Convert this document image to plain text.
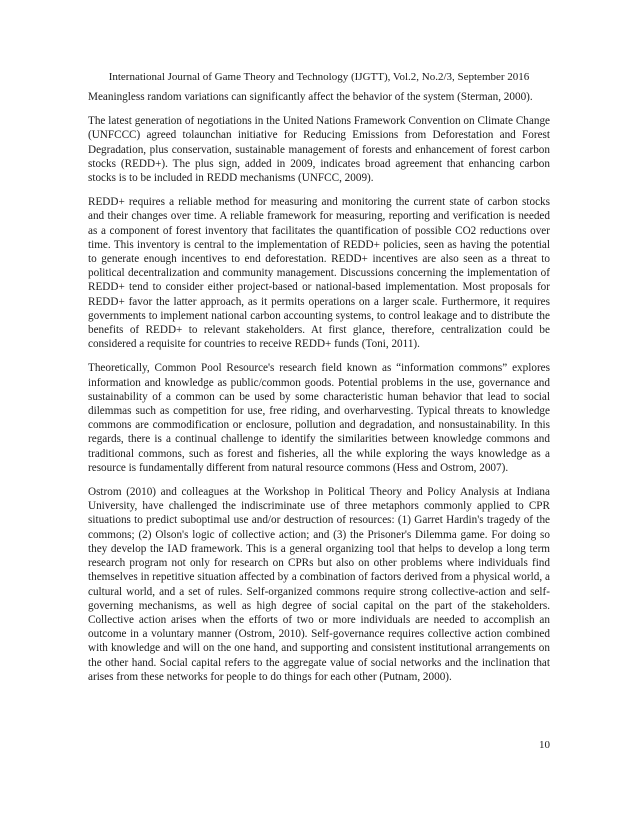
International Journal of Game Theory and Technology (IJGTT), Vol.2, No.2/3, September 2016

Meaningless random variations can significantly affect the behavior of the system (Sterman, 2000).

The latest generation of negotiations in the United Nations Framework Convention on Climate Change (UNFCCC) agreed tolaunchan initiative for Reducing Emissions from Deforestation and Forest Degradation, plus conservation, sustainable management of forests and enhancement of forest carbon stocks (REDD+). The plus sign, added in 2009, indicates broad agreement that enhancing carbon stocks is to be included in REDD mechanisms (UNFCC, 2009).

REDD+ requires a reliable method for measuring and monitoring the current state of carbon stocks and their changes over time. A reliable framework for measuring, reporting and verification is needed as a component of forest inventory that facilitates the quantification of possible CO2 reductions over time. This inventory is central to the implementation of REDD+ policies, seen as having the potential to generate enough incentives to end deforestation. REDD+ incentives are also seen as a threat to political decentralization and community management. Discussions concerning the implementation of REDD+ tend to consider either project-based or national-based implementation. Most proposals for REDD+ favor the latter approach, as it permits operations on a larger scale. Furthermore, it requires governments to implement national carbon accounting systems, to control leakage and to distribute the benefits of REDD+ to relevant stakeholders. At first glance, therefore, centralization could be considered a requisite for countries to receive REDD+ funds (Toni, 2011).

Theoretically, Common Pool Resource's research field known as “information commons” explores information and knowledge as public/common goods. Potential problems in the use, governance and sustainability of a common can be used by some characteristic human behavior that lead to social dilemmas such as competition for use, free riding, and overharvesting. Typical threats to knowledge commons are commodification or enclosure, pollution and degradation, and nonsustainability. In this regards, there is a continual challenge to identify the similarities between knowledge commons and traditional commons, such as forest and fisheries, all the while exploring the ways knowledge as a resource is fundamentally different from natural resource commons (Hess and Ostrom, 2007).

Ostrom (2010) and colleagues at the Workshop in Political Theory and Policy Analysis at Indiana University, have challenged the indiscriminate use of three metaphors commonly applied to CPR situations to predict suboptimal use and/or destruction of resources: (1) Garret Hardin's tragedy of the commons; (2) Olson's logic of collective action; and (3) the Prisoner's Dilemma game. For doing so they develop the IAD framework. This is a general organizing tool that helps to develop a long term research program not only for research on CPRs but also on other problems where individuals find themselves in repetitive situation affected by a combination of factors derived from a physical world, a cultural world, and a set of rules. Self-organized commons require strong collective-action and self-governing mechanisms, as well as high degree of social capital on the part of the stakeholders. Collective action arises when the efforts of two or more individuals are needed to accomplish an outcome in a voluntary manner (Ostrom, 2010). Self-governance requires collective action combined with knowledge and will on the one hand, and supporting and consistent institutional arrangements on the other hand. Social capital refers to the aggregate value of social networks and the inclination that arises from these networks for people to do things for each other (Putnam, 2000).

10
